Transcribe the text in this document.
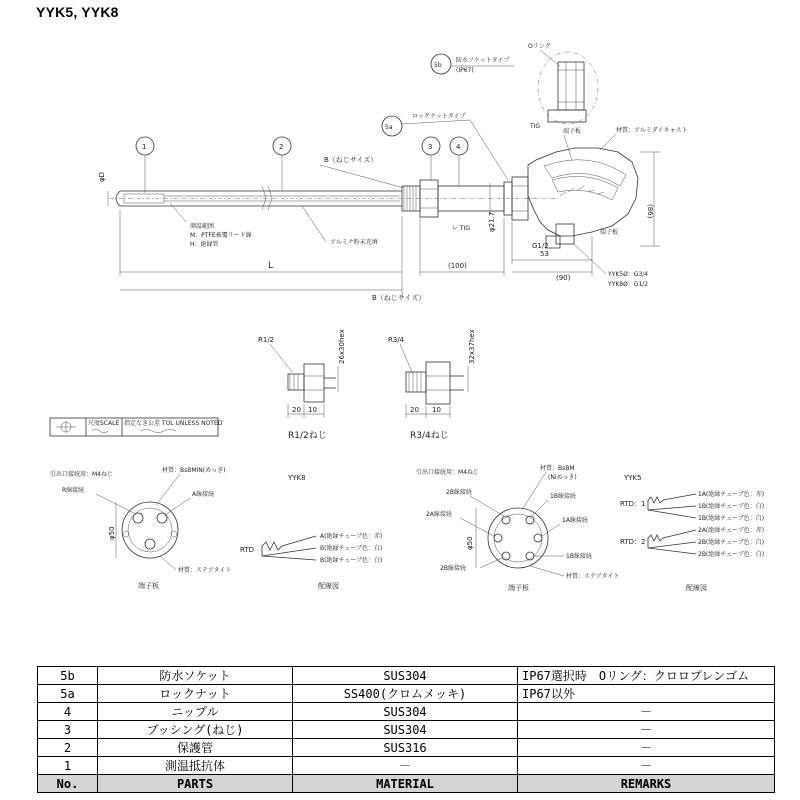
YYK5, YYK8
(86)
φ21.7
φD
L	(100)
53
(90)
G1/2
B（ねじサイズ）
B（ねじサイズ）
1	2	3	4
5a
ロックナットタイプ
5b
防水ソケットタイプ
(IP67)
Oリング
TIG
端子板	材質：アルミダイキャスト
端子板
YYK5Ø：G3/4
YYK8Ø：G1/2
測温範囲
M：PTFE被覆リード線
H：絶縁管	アルミナ粉末充填
レ TIG
R1/2	26x30hex
20 10
R1/2ねじ
R3/4	32x37hex
20 10
R3/4ねじ
尺度SCALE 指定なき公差 TOL UNLESS NOTED
引出口接続用：M4ねじ
材質：BsBMIN(めっき)
YYK8
R線接続
A線接続
φ50
材質：ステアタイト
端子板
RTD
A(絶縁チューブ色：赤)
B(絶縁チューブ色：白)
B(絶縁チューブ色：白)
配線図
引出口接続用：M4ねじ
材質：BsBM
(Niめっき)	YYK5
2B線接続
1B線接続
2A線接続
1A線接続
1B線接続
2B線接続
材質：ステアタイト
φ50
端子板
RTD：1
RTD：2
1A(絶縁チューブ色：赤)
1B(絶縁チューブ色：白)
1B(絶縁チューブ色：白)
2A(絶縁チューブ色：赤)
2B(絶縁チューブ色：白)
2B(絶縁チューブ色：白)
配線図
5b	防水ソケット	SUS304	IP67選択時　Oリング：クロロプレンゴム
5a	ロックナット	SS400(クロムメッキ)	IP67以外
4	ニップル	SUS304	－
3	ブッシング(ねじ)	SUS304	－
2	保護管	SUS316	－
1	測温抵抗体	－	－
No.	PARTS	MATERIAL	REMARKS
